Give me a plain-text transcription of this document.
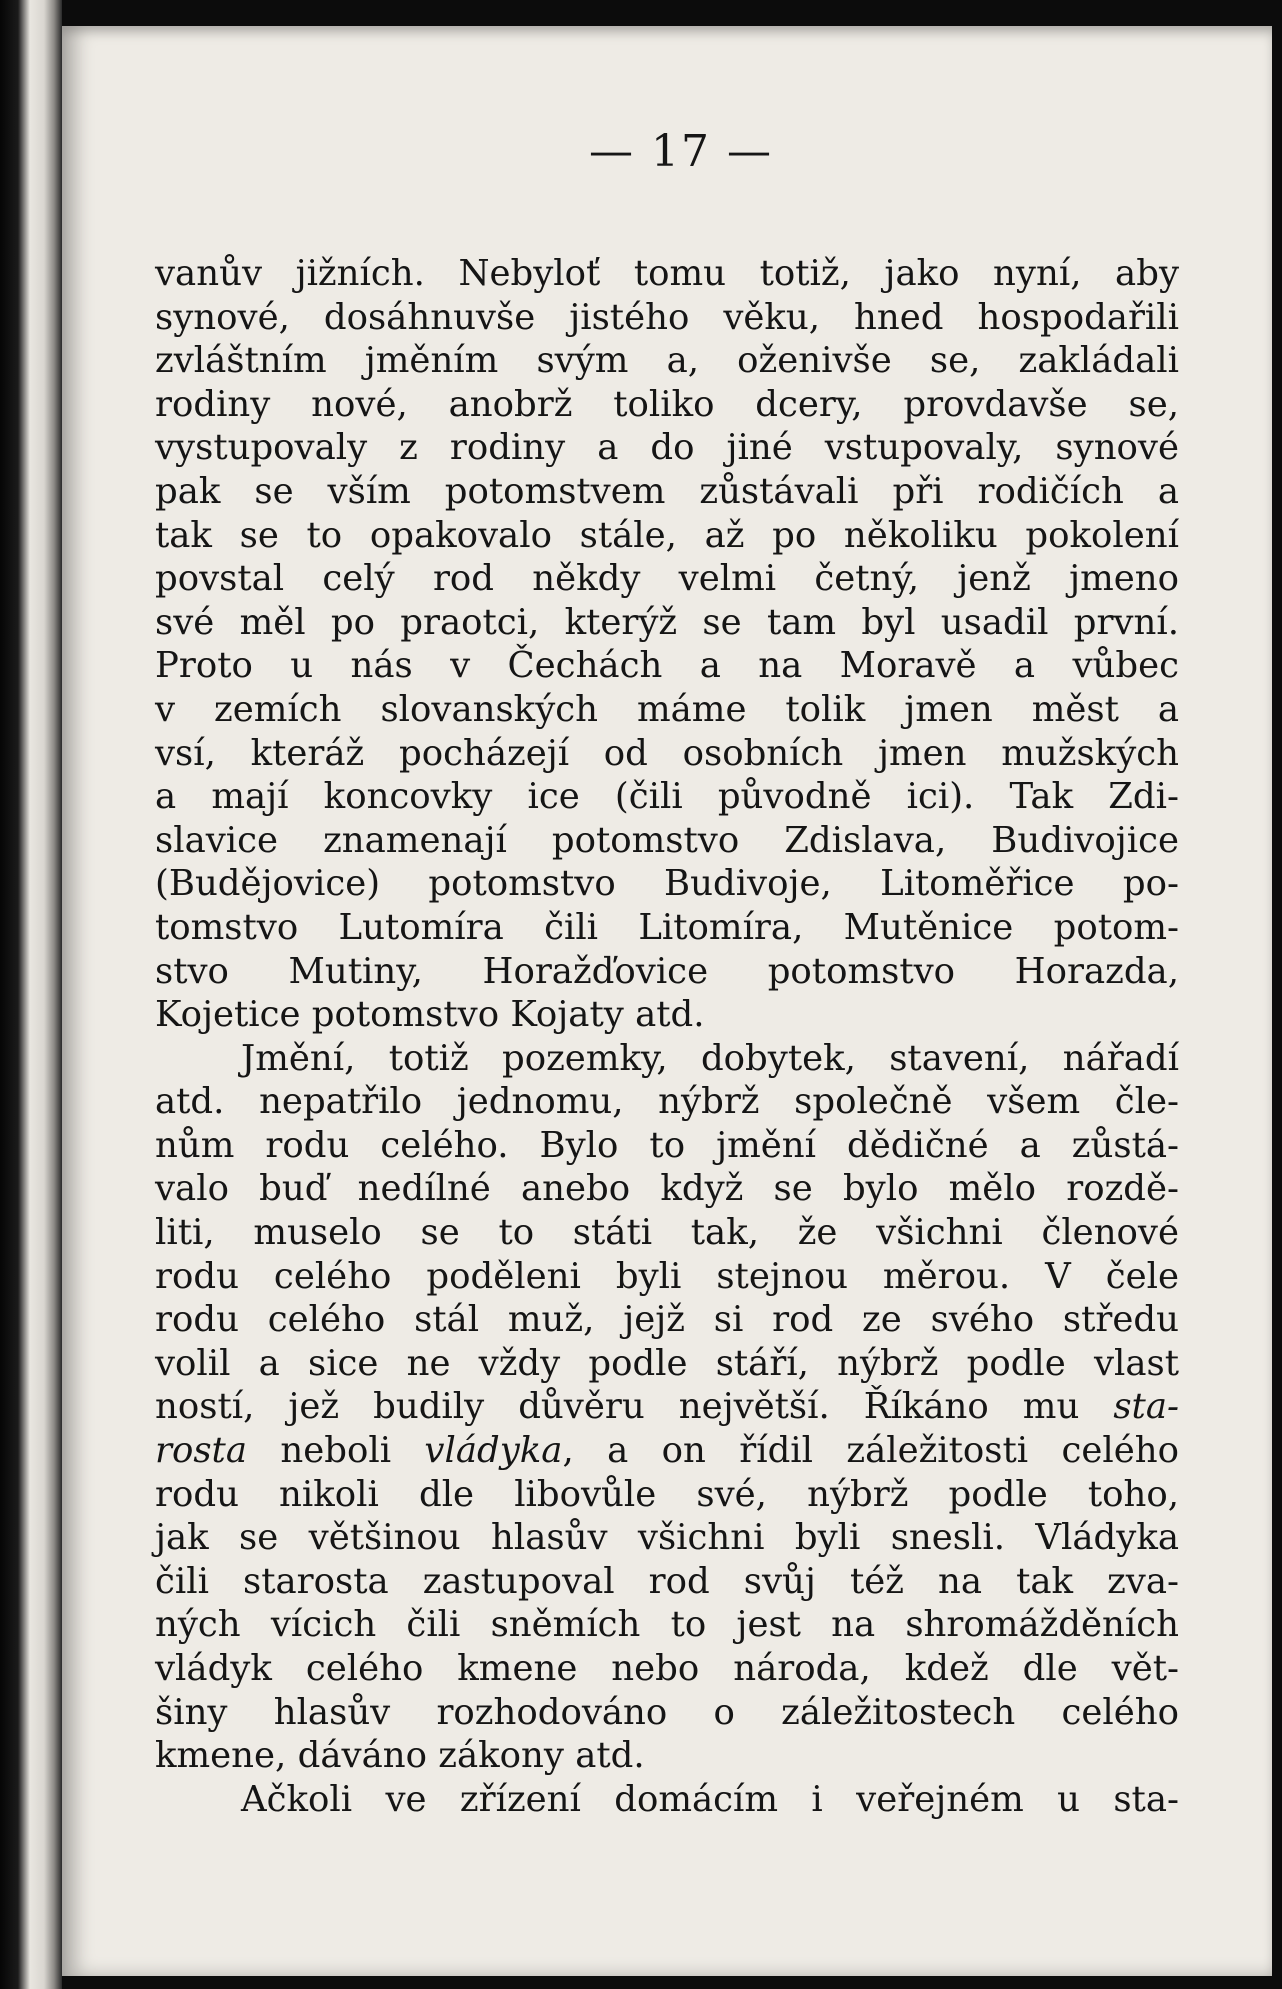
— 17 —
vanův jižních. Nebyloť tomu totiž, jako nyní, aby
synové, dosáhnuvše jistého věku, hned hospodařili
zvláštním jměním svým a, oženivše se, zakládali
rodiny nové, anobrž toliko dcery, provdavše se,
vystupovaly z rodiny a do jiné vstupovaly, synové
pak se vším potomstvem zůstávali při rodičích a
tak se to opakovalo stále, až po několiku pokolení
povstal celý rod někdy velmi četný, jenž jmeno
své měl po praotci, kterýž se tam byl usadil první.
Proto u nás v Čechách a na Moravě a vůbec
v zemích slovanských máme tolik jmen měst a
vsí, kteráž pocházejí od osobních jmen mužských
a mají koncovky ice (čili původně ici). Tak Zdi-
slavice znamenají potomstvo Zdislava, Budivojice
(Budějovice) potomstvo Budivoje, Litoměřice po-
tomstvo Lutomíra čili Litomíra, Mutěnice potom-
stvo Mutiny, Horažďovice potomstvo Horazda,
Kojetice potomstvo Kojaty atd.
Jmění, totiž pozemky, dobytek, stavení, nářadí
atd. nepatřilo jednomu, nýbrž společně všem čle-
nům rodu celého. Bylo to jmění dědičné a zůstá-
valo buď nedílné anebo když se bylo mělo rozdě-
liti, muselo se to státi tak, že všichni členové
rodu celého poděleni byli stejnou měrou. V čele
rodu celého stál muž, jejž si rod ze svého středu
volil a sice ne vždy podle stáří, nýbrž podle vlast
ností, jež budily důvěru největší. Říkáno mu sta-
rosta neboli vládyka, a on řídil záležitosti celého
rodu nikoli dle libovůle své, nýbrž podle toho,
jak se většinou hlasův všichni byli snesli. Vládyka
čili starosta zastupoval rod svůj též na tak zva-
ných vícich čili sněmích to jest na shromážděních
vládyk celého kmene nebo národa, kdež dle vět-
šiny hlasův rozhodováno o záležitostech celého
kmene, dáváno zákony atd.
Ačkoli ve zřízení domácím i veřejném u sta-
